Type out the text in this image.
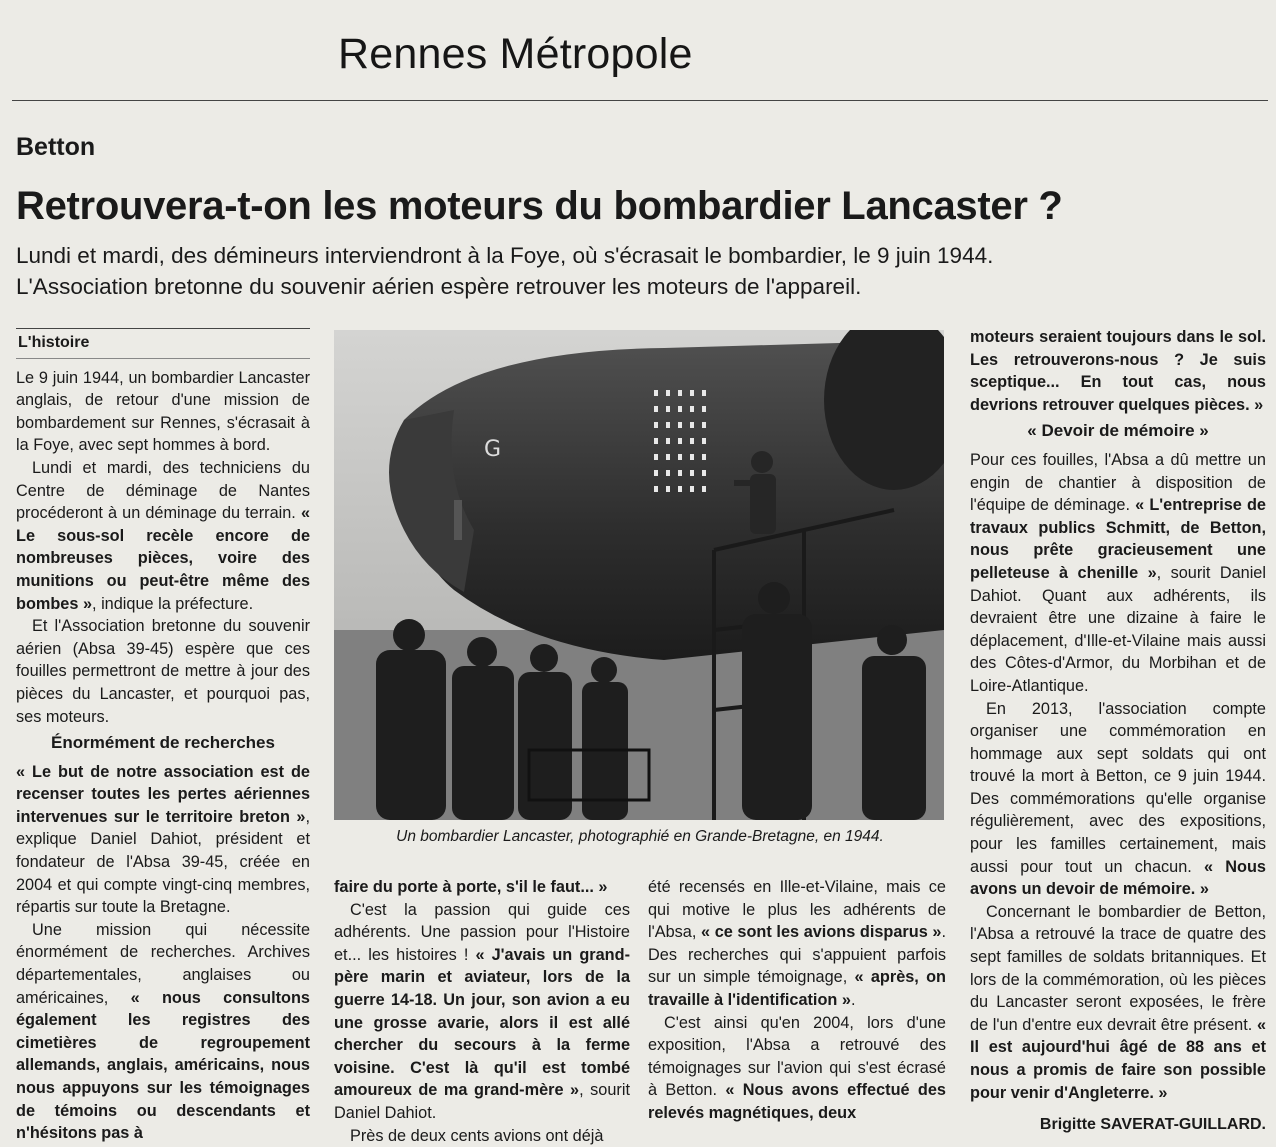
Rennes Métropole
Betton
Retrouvera-t-on les moteurs du bombardier Lancaster ?

Lundi et mardi, des démineurs interviendront à la Foye, où s'écrasait le bombardier, le 9 juin 1944.

L'Association bretonne du souvenir aérien espère retrouver les moteurs de l'appareil.

L'histoire

Le 9 juin 1944, un bombardier Lancaster anglais, de retour d'une mission de bombardement sur Rennes, s'écrasait à la Foye, avec sept hommes à bord.

Lundi et mardi, des techniciens du Centre de déminage de Nantes procéderont à un déminage du terrain. « Le sous-sol recèle encore de nombreuses pièces, voire des munitions ou peut-être même des bombes », indique la préfecture.

Et l'Association bretonne du souvenir aérien (Absa 39-45) espère que ces fouilles permettront de mettre à jour des pièces du Lancaster, et pourquoi pas, ses moteurs.

Énormément de recherches

« Le but de notre association est de recenser toutes les pertes aériennes intervenues sur le territoire breton », explique Daniel Dahiot, président et fondateur de l'Absa 39-45, créée en 2004 et qui compte vingt-cinq membres, répartis sur toute la Bretagne.

Une mission qui nécessite énormément de recherches. Archives départementales, anglaises ou américaines, « nous consultons également les registres des cimetières de regroupement allemands, anglais, américains, nous nous appuyons sur les témoignages de témoins ou descendants et n'hésitons pas à

G
Un bombardier Lancaster, photographié en Grande-Bretagne, en 1944.

faire du porte à porte, s'il le faut... »

C'est la passion qui guide ces adhérents. Une passion pour l'Histoire et... les histoires ! « J'avais un grand-père marin et aviateur, lors de la guerre 14-18. Un jour, son avion a eu une grosse avarie, alors il est allé chercher du secours à la ferme voisine. C'est là qu'il est tombé amoureux de ma grand-mère », sourit Daniel Dahiot.

Près de deux cents avions ont déjà

été recensés en Ille-et-Vilaine, mais ce qui motive le plus les adhérents de l'Absa, « ce sont les avions disparus ». Des recherches qui s'appuient parfois sur un simple témoignage, « après, on travaille à l'identification ».

C'est ainsi qu'en 2004, lors d'une exposition, l'Absa a retrouvé des témoignages sur l'avion qui s'est écrasé à Betton. « Nous avons effectué des relevés magnétiques, deux

moteurs seraient toujours dans le sol. Les retrouverons-nous ? Je suis sceptique... En tout cas, nous devrions retrouver quelques pièces. »

« Devoir de mémoire »

Pour ces fouilles, l'Absa a dû mettre un engin de chantier à disposition de l'équipe de déminage. « L'entreprise de travaux publics Schmitt, de Betton, nous prête gracieusement une pelleteuse à chenille », sourit Daniel Dahiot. Quant aux adhérents, ils devraient être une dizaine à faire le déplacement, d'Ille-et-Vilaine mais aussi des Côtes-d'Armor, du Morbihan et de Loire-Atlantique.

En 2013, l'association compte organiser une commémoration en hommage aux sept soldats qui ont trouvé la mort à Betton, ce 9 juin 1944. Des commémorations qu'elle organise régulièrement, avec des expositions, pour les familles certainement, mais aussi pour tout un chacun. « Nous avons un devoir de mémoire. »

Concernant le bombardier de Betton, l'Absa a retrouvé la trace de quatre des sept familles de soldats britanniques. Et lors de la commémoration, où les pièces du Lancaster seront exposées, le frère de l'un d'entre eux devrait être présent. « Il est aujourd'hui âgé de 88 ans et nous a promis de faire son possible pour venir d'Angleterre. »

Brigitte SAVERAT-GUILLARD.
